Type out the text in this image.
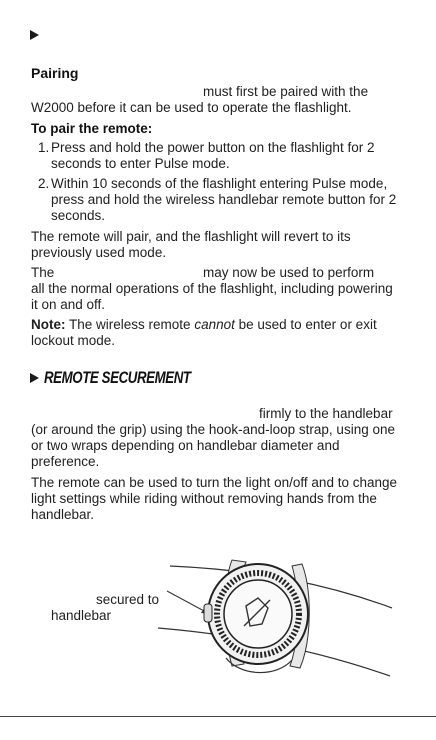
Pairing
must first be paired with the
W2000 before it can be used to operate the flashlight.
To pair the remote:
1. Press and hold the power button on the flashlight for 2
seconds to enter Pulse mode.
2. Within 10 seconds of the flashlight entering Pulse mode,
press and hold the wireless handlebar remote button for 2
seconds.
The remote will pair, and the flashlight will revert to its
previously used mode.
The	may now be used to perform
all the normal operations of the flashlight, including powering
it on and off.
Note: The wireless remote cannot be used to enter or exit
lockout mode.
REMOTE SECUREMENT
firmly to the handlebar
(or around the grip) using the hook-and-loop strap, using one
or two wraps depending on handlebar diameter and
preference.
The remote can be used to turn the light on/off and to change
light settings while riding without removing hands from the
handlebar.
secured to
handlebar
